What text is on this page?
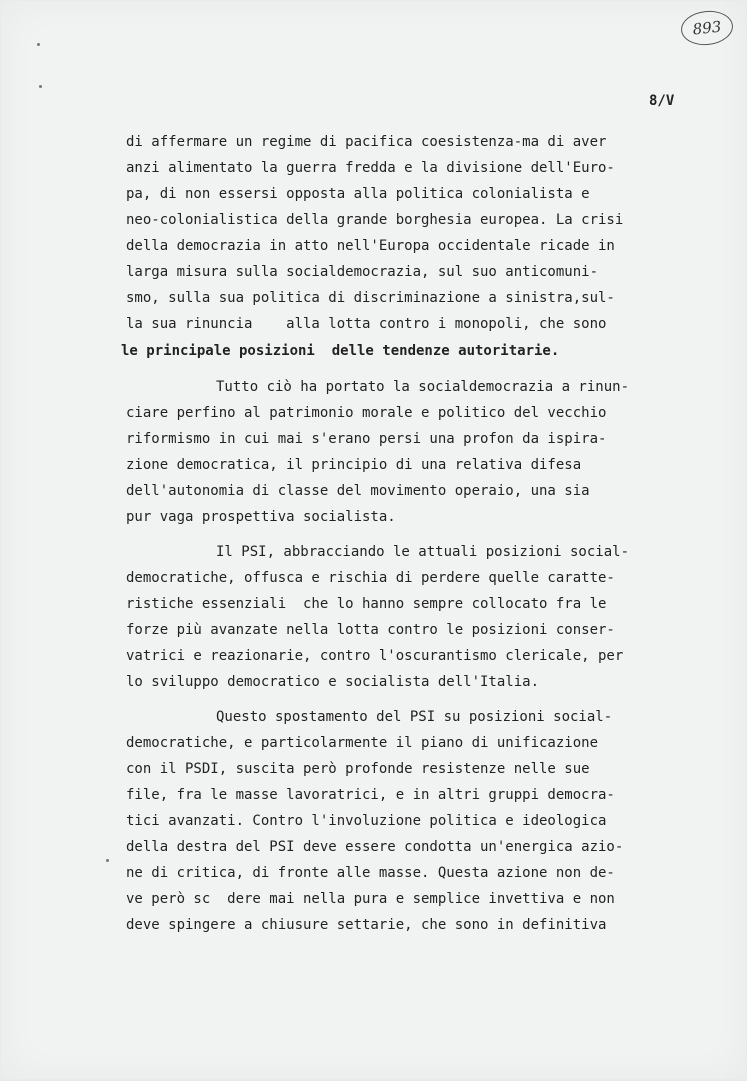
893
8/V
di affermare un regime di pacifica coesistenza-ma di aver
anzi alimentato la guerra fredda e la divisione dell'Euro-
pa, di non essersi opposta alla politica colonialista e
neo-colonialistica della grande borghesia europea. La crisi
della democrazia in atto nell'Europa occidentale ricade in
larga misura sulla socialdemocrazia, sul suo anticomuni-
smo, sulla sua politica di discriminazione a sinistra,sul-
la sua rinuncia    alla lotta contro i monopoli, che sono
le principale posizioni  delle tendenze autoritarie.
Tutto ciò ha portato la socialdemocrazia a rinun-
ciare perfino al patrimonio morale e politico del vecchio
riformismo in cui mai s'erano persi una profon da ispira-
zione democratica, il principio di una relativa difesa
dell'autonomia di classe del movimento operaio, una sia
pur vaga prospettiva socialista.
Il PSI, abbracciando le attuali posizioni social-
democratiche, offusca e rischia di perdere quelle caratte-
ristiche essenziali  che lo hanno sempre collocato fra le
forze più avanzate nella lotta contro le posizioni conser-
vatrici e reazionarie, contro l'oscurantismo clericale, per
lo sviluppo democratico e socialista dell'Italia.
Questo spostamento del PSI su posizioni social-
democratiche, e particolarmente il piano di unificazione
con il PSDI, suscita però profonde resistenze nelle sue
file, fra le masse lavoratrici, e in altri gruppi democra-
tici avanzati. Contro l'involuzione politica e ideologica
della destra del PSI deve essere condotta un'energica azio-
ne di critica, di fronte alle masse. Questa azione non de-
ve però sc  dere mai nella pura e semplice invettiva e non
deve spingere a chiusure settarie, che sono in definitiva
